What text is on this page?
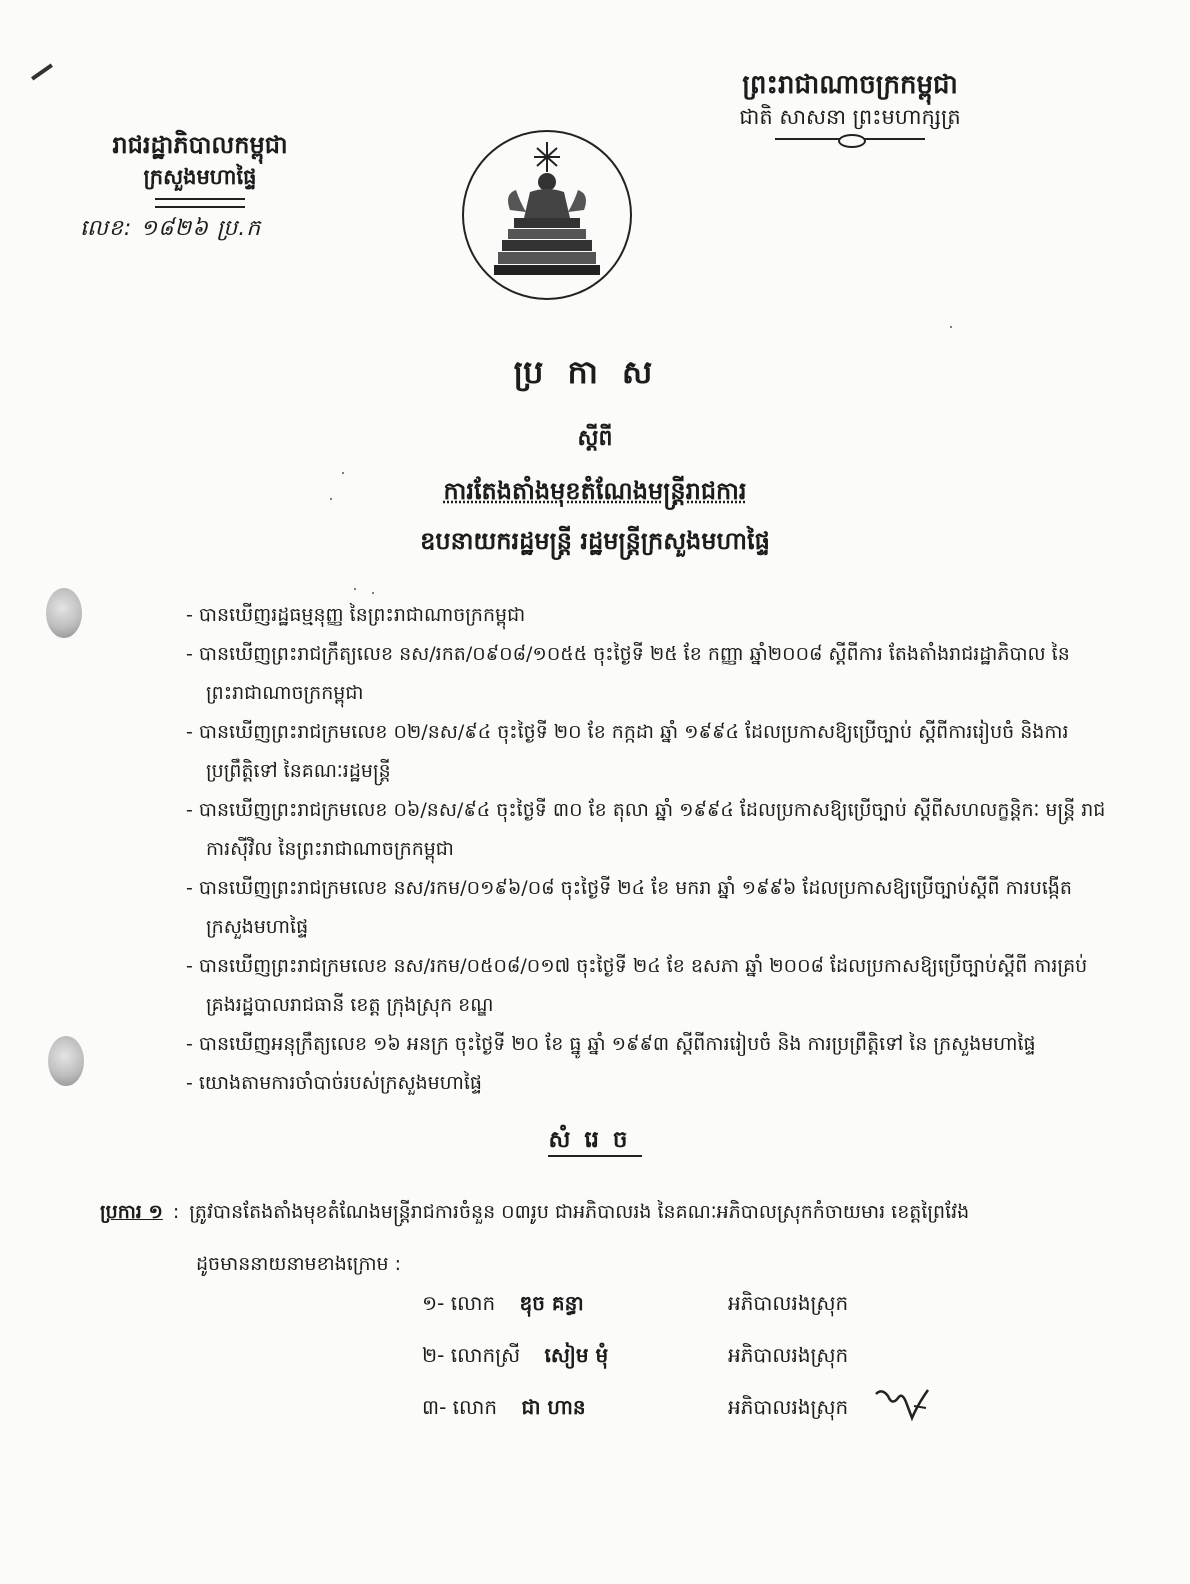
ព្រះរាជាណាចក្រកម្ពុជា
ជាតិ សាសនា ព្រះមហាក្សត្រ
រាជរដ្ឋាភិបាលកម្ពុជា
ក្រសួងមហាផ្ទៃ
លេខ: ១៨២៦ ប្រ.ក
ប្រកាស
ស្តីពី
ការតែងតាំងមុខតំណែងមន្ត្រីរាជការ
ឧបនាយករដ្ឋមន្ត្រី រដ្ឋមន្ត្រីក្រសួងមហាផ្ទៃ
- បានឃើញរដ្ឋធម្មនុញ្ញ នៃព្រះរាជាណាចក្រកម្ពុជា
- បានឃើញព្រះរាជក្រឹត្យលេខ នស/រកត/០៩០៨/១០៥៥ ចុះថ្ងៃទី ២៥ ខែ កញ្ញា ឆ្នាំ២០០៨ ស្តីពីការ តែងតាំងរាជរដ្ឋាភិបាល នៃព្រះរាជាណាចក្រកម្ពុជា
- បានឃើញព្រះរាជក្រមលេខ ០២/នស/៩៤ ចុះថ្ងៃទី ២០ ខែ កក្កដា ឆ្នាំ ១៩៩៤ ដែលប្រកាសឱ្យប្រើច្បាប់ ស្តីពីការរៀបចំ និងការប្រព្រឹត្តិទៅ នៃគណៈរដ្ឋមន្ត្រី
- បានឃើញព្រះរាជក្រមលេខ ០៦/នស/៩៤ ចុះថ្ងៃទី ៣០ ខែ តុលា ឆ្នាំ ១៩៩៤ ដែលប្រកាសឱ្យប្រើច្បាប់ ស្តីពីសហលក្ខន្តិកៈ មន្ត្រី រាជការស៊ីវិល នៃព្រះរាជាណាចក្រកម្ពុជា
- បានឃើញព្រះរាជក្រមលេខ នស/រកម/០១៩៦/០៨ ចុះថ្ងៃទី ២៤ ខែ មករា ឆ្នាំ ១៩៩៦ ដែលប្រកាសឱ្យប្រើច្បាប់ស្តីពី ការបង្កើតក្រសួងមហាផ្ទៃ
- បានឃើញព្រះរាជក្រមលេខ នស/រកម/០៥០៨/០១៧ ចុះថ្ងៃទី ២៤ ខែ ឧសភា ឆ្នាំ ២០០៨ ដែលប្រកាសឱ្យប្រើច្បាប់ស្តីពី ការគ្រប់គ្រងរដ្ឋបាលរាជធានី ខេត្ត ក្រុងស្រុក ខណ្ឌ
- បានឃើញអនុក្រឹត្យលេខ ១៦ អនក្រ ចុះថ្ងៃទី ២០ ខែ ធ្នូ ឆ្នាំ ១៩៩៣ ស្តីពីការរៀបចំ និង ការប្រព្រឹត្តិទៅ នៃ ក្រសួងមហាផ្ទៃ
- យោងតាមការចាំបាច់របស់ក្រសួងមហាផ្ទៃ
សំរេច
ប្រការ ១ : ត្រូវបានតែងតាំងមុខតំណែងមន្ត្រីរាជការចំនួន ០៣រូប ជាអភិបាលរង នៃគណៈអភិបាលស្រុកកំចាយមារ ខេត្តព្រៃវែង
ដូចមាននាយនាមខាងក្រោម :
១- លោក ឌុច គន្ធា	អភិបាលរងស្រុក
២- លោកស្រី សៀម មុំ	អភិបាលរងស្រុក
៣- លោក ជា ហាន	អភិបាលរងស្រុក
